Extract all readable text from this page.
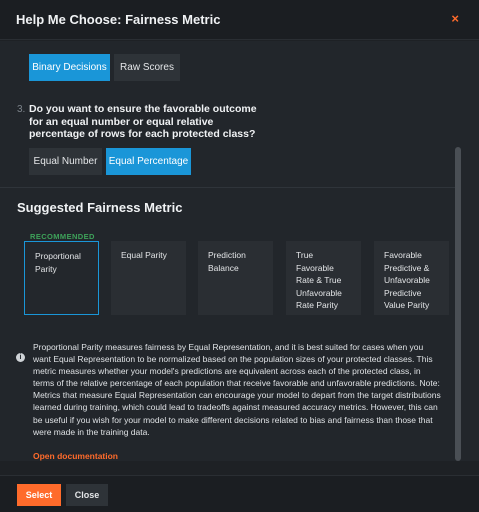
Help Me Choose: Fairness Metric	×
Binary Decisions	Raw Scores
3. Do you want to ensure the favorable outcome for an equal number or equal relative percentage of rows for each protected class?
Equal Number	Equal Percentage
Suggested Fairness Metric
RECOMMENDED
Proportional Parity
Equal Parity	Prediction Balance
True Favorable Rate & True Unfavorable Rate Parity
Favorable Predictive & Unfavorable Predictive Value Parity
i
Proportional Parity measures fairness by Equal Representation, and it is best suited for cases when you want Equal Representation to be normalized based on the population sizes of your protected classes. This metric measures whether your model's predictions are equivalent across each of the protected class, in terms of the relative percentage of each population that receive favorable and unfavorable predictions. Note: Metrics that measure Equal Representation can encourage your model to depart from the target distributions learned during training, which could lead to tradeoffs against measured accuracy metrics. However, this can be useful if you wish for your model to make different decisions related to bias and fairness than those that were made in the training data.
Open documentation
Select	Close
